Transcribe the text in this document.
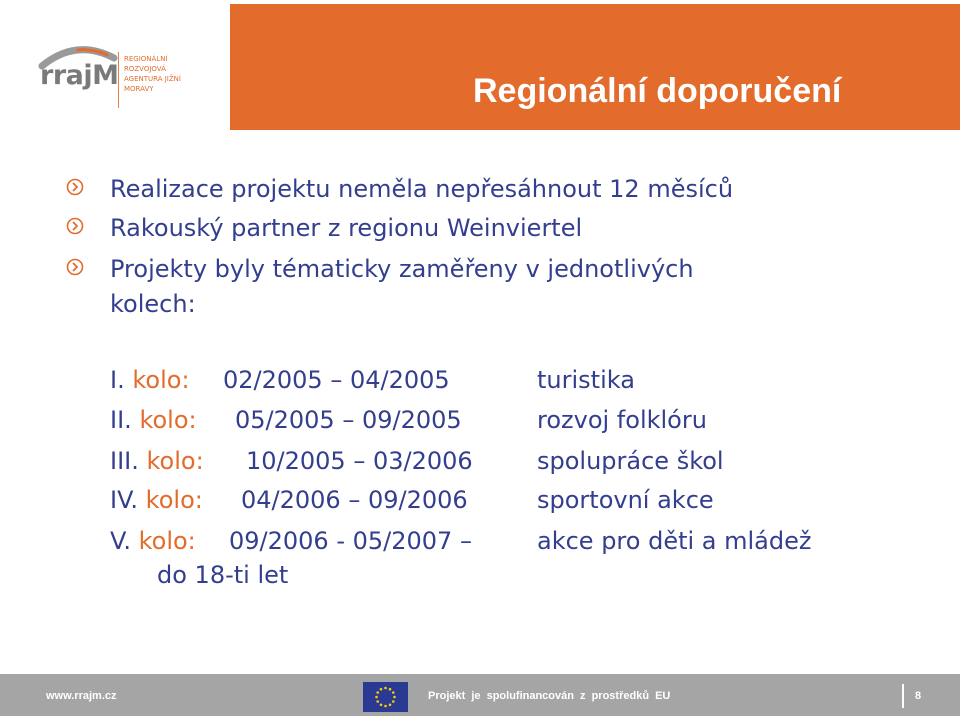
rrajM
REGIONÁLNÍ ROZVOJOVÁ AGENTURA JIŽNÍ MORAVY	Regionální doporučení
Realizace projektu neměla nepřesáhnout 12 měsíců
Rakouský partner z regionu Weinviertel
Projekty byly tématicky zaměřeny v jednotlivých
kolech:
I. kolo: 02/2005 – 04/2005	turistika
II. kolo: 05/2005 – 09/2005	rozvoj folklóru
III. kolo: 10/2005 – 03/2006	spolupráce škol
IV. kolo: 04/2006 – 09/2006	sportovní akce
V. kolo: 09/2006 - 05/2007 –	akce pro děti a mládež
do 18-ti let
www.rrajm.cz	Projekt je spolufinancován z prostředků EU	8
